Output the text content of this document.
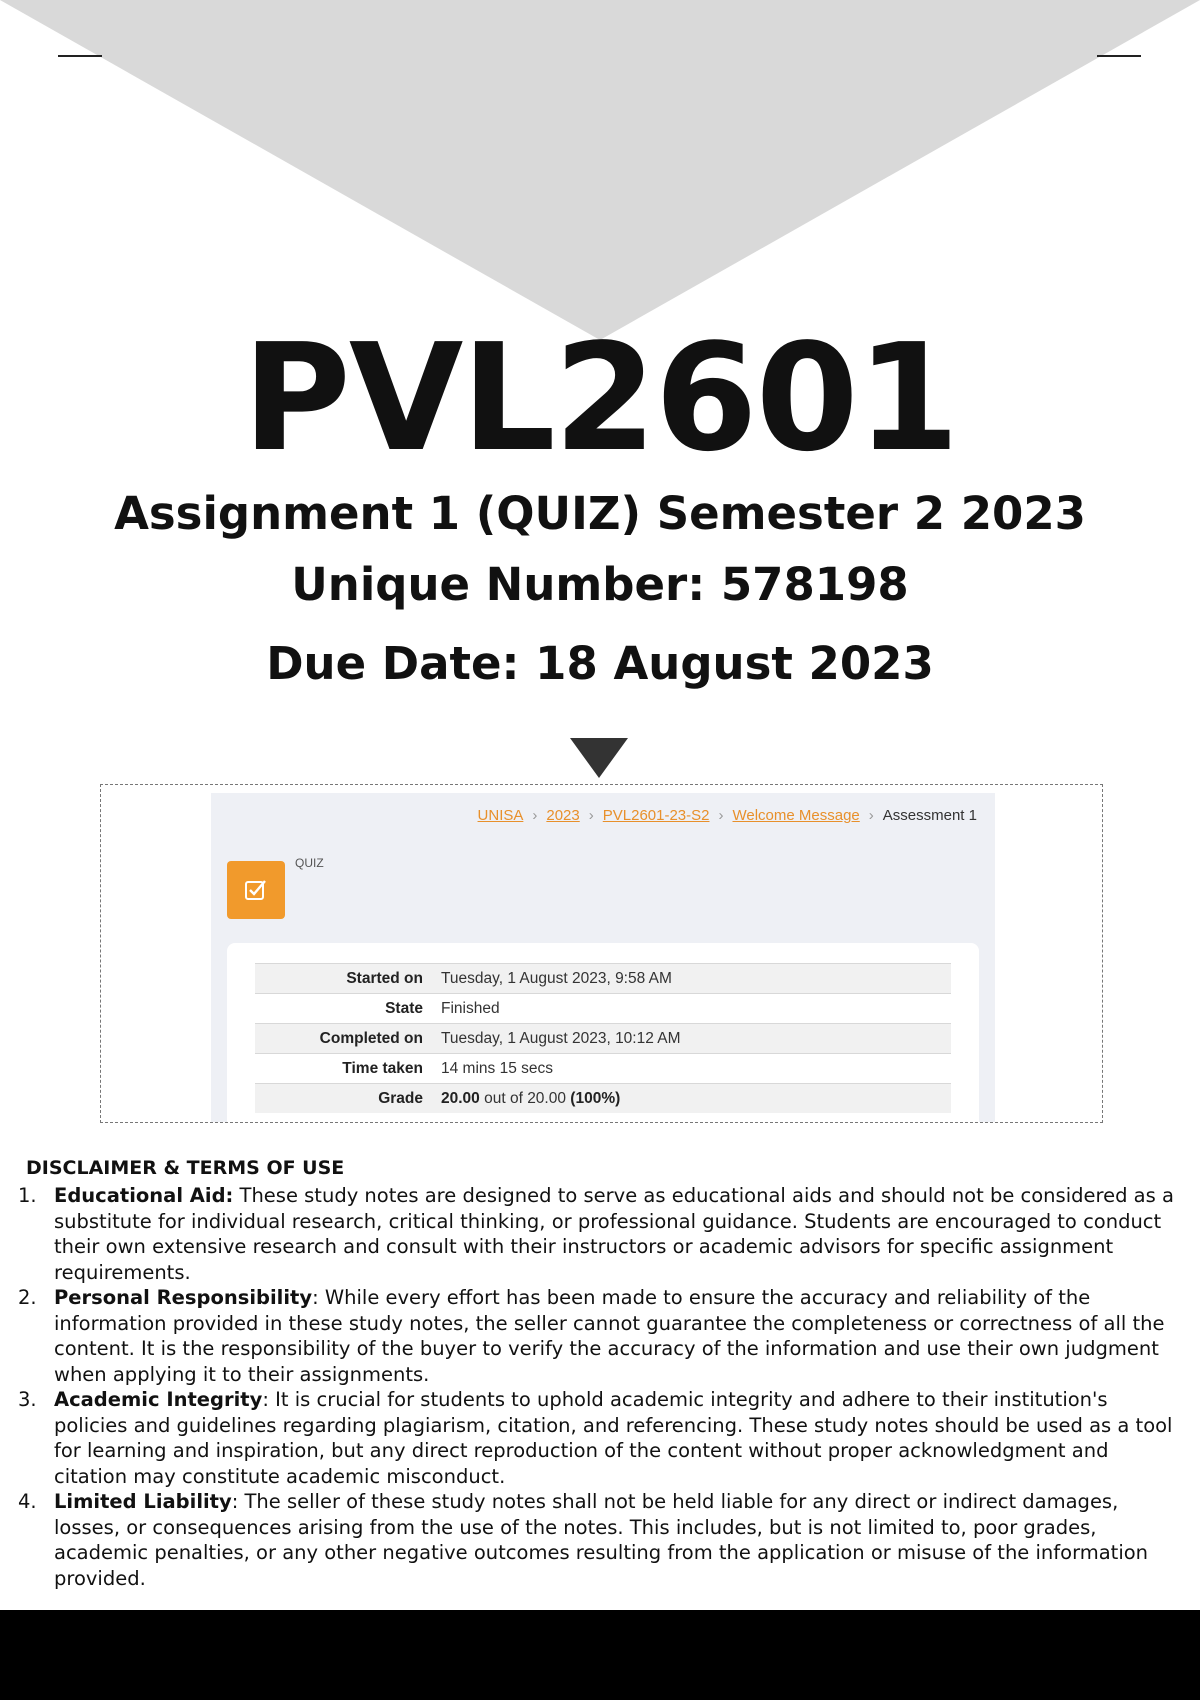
PVL2601
Assignment 1 (QUIZ) Semester 2 2023
Unique Number: 578198
Due Date: 18 August 2023
UNISA › 2023 › PVL2601-23-S2 › Welcome Message › Assessment 1
QUIZ
Started on	Tuesday, 1 August 2023, 9:58 AM
State	Finished
Completed on	Tuesday, 1 August 2023, 10:12 AM
Time taken	14 mins 15 secs
Grade	20.00 out of 20.00 (100%)
DISCLAIMER & TERMS OF USE
1. Educational Aid: These study notes are designed to serve as educational aids and should not be considered as a substitute for individual research, critical thinking, or professional guidance. Students are encouraged to conduct their own extensive research and consult with their instructors or academic advisors for specific assignment requirements.
2. Personal Responsibility: While every effort has been made to ensure the accuracy and reliability of the information provided in these study notes, the seller cannot guarantee the completeness or correctness of all the content. It is the responsibility of the buyer to verify the accuracy of the information and use their own judgment when applying it to their assignments.
3. Academic Integrity: It is crucial for students to uphold academic integrity and adhere to their institution's policies and guidelines regarding plagiarism, citation, and referencing. These study notes should be used as a tool for learning and inspiration, but any direct reproduction of the content without proper acknowledgment and citation may constitute academic misconduct.
4. Limited Liability: The seller of these study notes shall not be held liable for any direct or indirect damages, losses, or consequences arising from the use of the notes. This includes, but is not limited to, poor grades, academic penalties, or any other negative outcomes resulting from the application or misuse of the information provided.
